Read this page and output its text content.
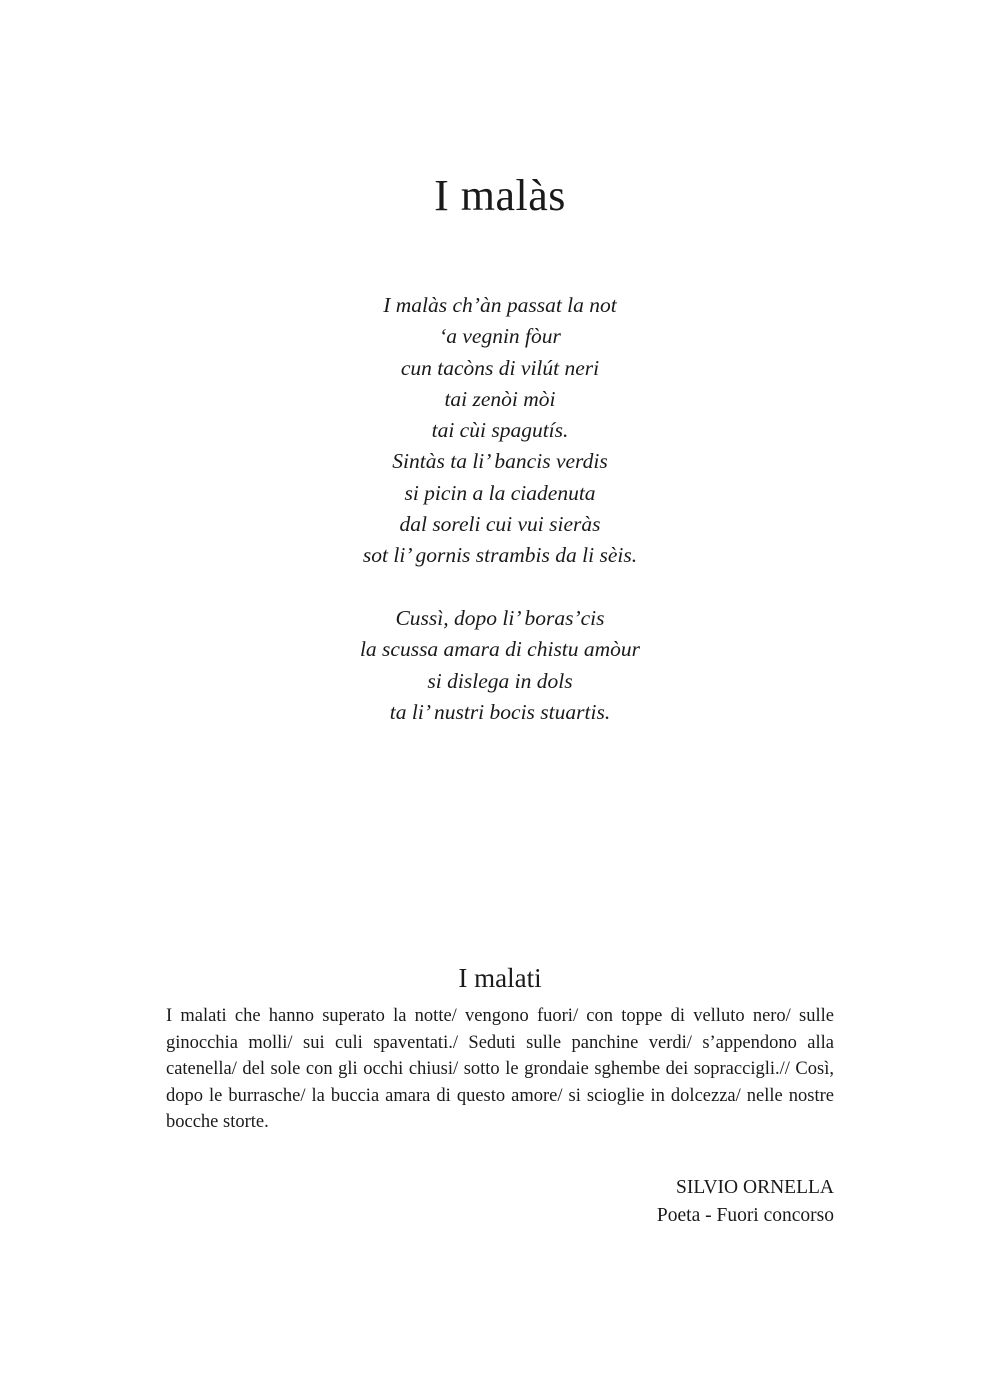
I malàs

I malàs ch’àn passat la not
‘a vegnin fòur
cun tacòns di vilút neri
tai zenòi mòi
tai cùi spagutís.
Sintàs ta li’ bancis verdis
si picin a la ciadenuta
dal soreli cui vui sieràs
sot li’ gornis strambis da li sèis.

Cussì, dopo li’ boras’cis
la scussa amara di chistu amòur
si dislega in dols
ta li’ nustri bocis stuartis.

I malati

I malati che hanno superato la notte/ vengono fuori/ con toppe di velluto nero/ sulle ginocchia molli/ sui culi spaventati./ Seduti sulle panchine verdi/ s’appendono alla catenella/ del sole con gli occhi chiusi/ sotto le grondaie sghembe dei sopraccigli.// Così, dopo le burrasche/ la buccia amara di questo amore/ si scioglie in dolcezza/ nelle nostre bocche storte.

SILVIO ORNELLA
Poeta - Fuori concorso
